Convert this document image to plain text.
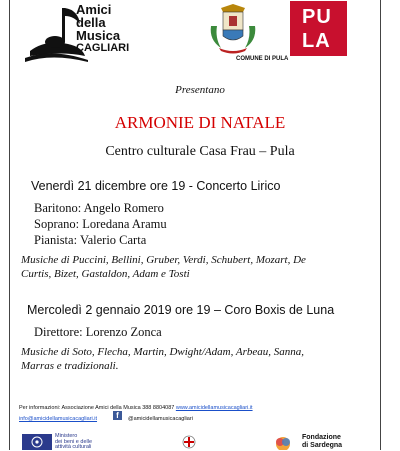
Amici
della
Musica
CAGLIARI
COMUNE DI PULA
PULA
Presentano
ARMONIE DI NATALE
Centro culturale Casa Frau – Pula
Venerdì 21 dicembre ore 19 - Concerto Lirico
Baritono: Angelo Romero
Soprano: Loredana Aramu
Pianista: Valerio Carta
Musiche di Puccini, Bellini, Gruber, Verdi, Schubert, Mozart, De
Curtis, Bizet, Gastaldon, Adam e Tosti
Mercoledì 2 gennaio 2019 ore 19 – Coro Boxis de Luna
Direttore: Lorenzo Zonca
Musiche di Soto, Flecha, Martin, Dwight/Adam, Arbeau, Sanna,
Marras e tradizionali.
Per informazioni: Associazione Amici della Musica 388 8804087 www.amicidellamusicacagliari.it
info@amicidellamusicacagliari.it	f	@amicidellamusicacagliari
Ministero
dei beni e delle
attività culturali
Fondazione
di Sardegna
